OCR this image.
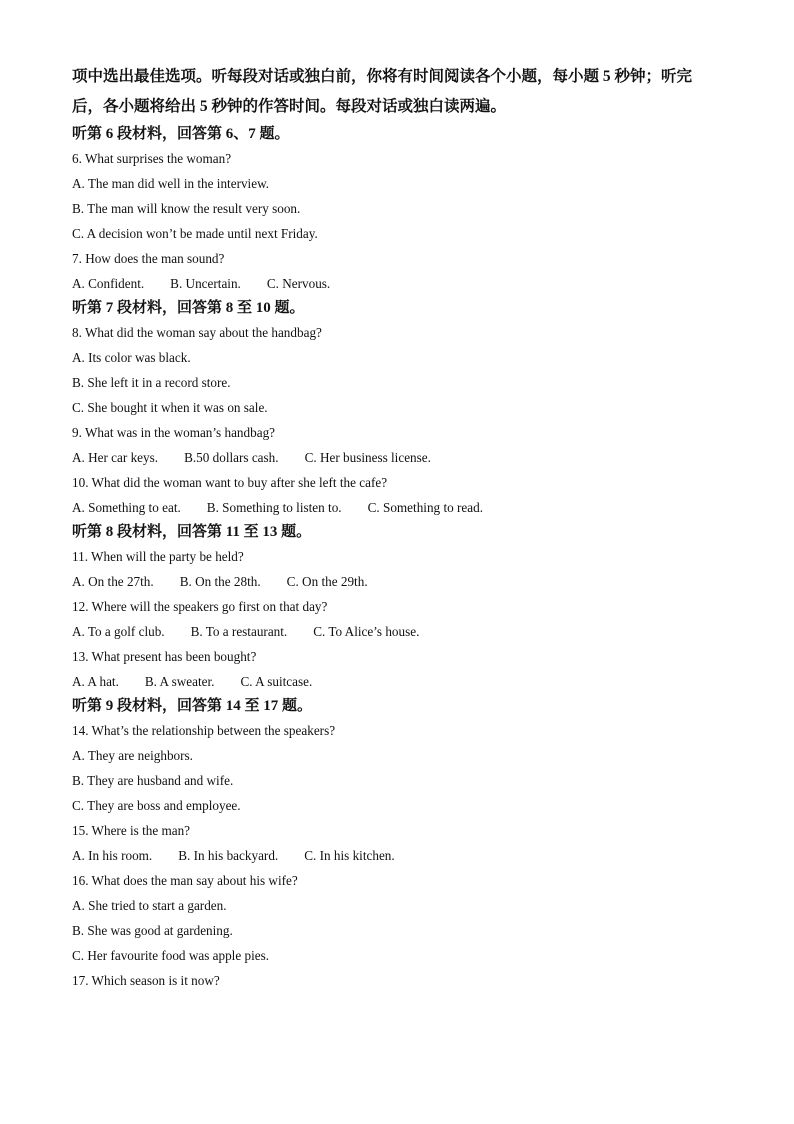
项中选出最佳选项。听每段对话或独白前，你将有时间阅读各个小题，每小题 5 秒钟；听完

后，各小题将给出 5 秒钟的作答时间。每段对话或独白读两遍。

听第 6 段材料，回答第 6、7 题。

6. What surprises the woman?

A. The man did well in the interview.

B. The man will know the result very soon.

C. A decision won’t be made until next Friday.

7. How does the man sound?

A. Confident. B. Uncertain. C. Nervous.

听第 7 段材料，回答第 8 至 10 题。

8. What did the woman say about the handbag?

A. Its color was black.

B. She left it in a record store.

C. She bought it when it was on sale.

9. What was in the woman’s handbag?

A. Her car keys. B.50 dollars cash. C. Her business license.

10. What did the woman want to buy after she left the cafe?

A. Something to eat. B. Something to listen to. C. Something to read.

听第 8 段材料，回答第 11 至 13 题。

11. When will the party be held?

A. On the 27th. B. On the 28th. C. On the 29th.

12. Where will the speakers go first on that day?

A. To a golf club. B. To a restaurant. C. To Alice’s house.

13. What present has been bought?

A. A hat. B. A sweater. C. A suitcase.

听第 9 段材料，回答第 14 至 17 题。

14. What’s the relationship between the speakers?

A. They are neighbors.

B. They are husband and wife.

C. They are boss and employee.

15. Where is the man?

A. In his room. B. In his backyard. C. In his kitchen.

16. What does the man say about his wife?

A. She tried to start a garden.

B. She was good at gardening.

C. Her favourite food was apple pies.

17. Which season is it now?
